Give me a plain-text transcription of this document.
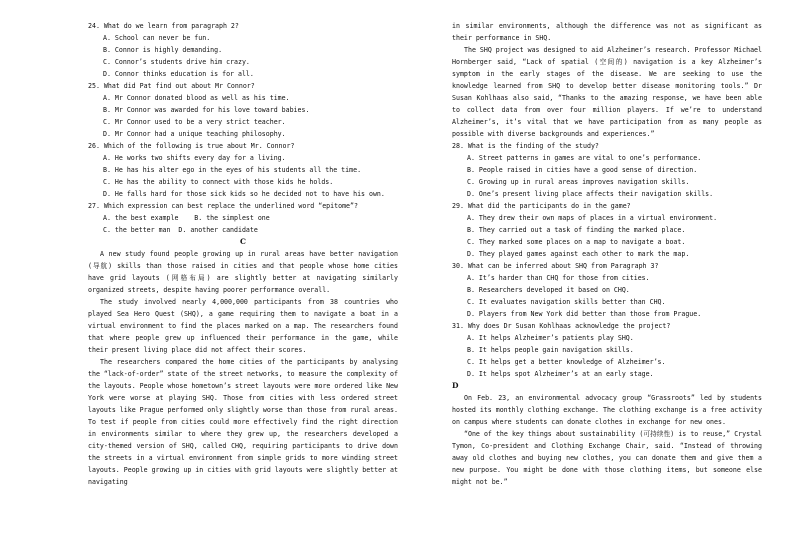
24. What do we learn from paragraph 2?

A. School can never be fun.

B. Connor is highly demanding.

C. Connor’s students drive him crazy.

D. Connor thinks education is for all.

25. What did Pat find out about Mr Connor?

A. Mr Connor donated blood as well as his time.

B. Mr Connor was awarded for his love toward babies.

C. Mr Connor used to be a very strict teacher.

D. Mr Connor had a unique teaching philosophy.

26. Which of the following is true about Mr. Connor?

A. He works two shifts every day for a living.

B. He has his alter ego in the eyes of his students all the time.

C. He has the ability to connect with those kids he holds.

D. He falls hard for those sick kids so he decided not to have his own.

27. Which expression can best replace the underlined word “epitome”?

A. the best example    B. the simplest one

C. the better man  D. another candidate

C

A new study found people growing up in rural areas have better navigation (导航) skills than those raised in cities and that people whose home cities have grid layouts (网格布局) are slightly better at navigating similarly organized streets, despite having poorer performance overall.

The study involved nearly 4,000,000 participants from 38 countries who played Sea Hero Quest (SHQ), a game requiring them to navigate a boat in a virtual environment to find the places marked on a map. The researchers found that where people grew up influenced their performance in the game, while their present living place did not affect their scores.

The researchers compared the home cities of the participants by analysing the “lack-of-order” state of the street networks, to measure the complexity of the layouts. People whose hometown’s street layouts were more ordered like New York were worse at playing SHQ. Those from cities with less ordered street layouts like Prague performed only slightly worse than those from rural areas. To test if people from cities could more effectively find the right direction in environments similar to where they grew up, the researchers developed a city-themed version of SHQ, called CHQ, requiring participants to drive down the streets in a virtual environment from simple grids to more winding street layouts. People growing up in cities with grid layouts were slightly better at navigating

in similar environments, although the difference was not as significant as their performance in SHQ.

The SHQ project was designed to aid Alzheimer’s research. Professor Michael Hornberger said, “Lack of spatial (空间的) navigation is a key Alzheimer’s symptom in the early stages of the disease. We are seeking to use the knowledge learned from SHQ to develop better disease monitoring tools.” Dr Susan Kohlhaas also said, “Thanks to the amazing response, we have been able to collect data from over four million players. If we’re to understand Alzheimer’s, it’s vital that we have participation from as many people as possible with diverse backgrounds and experiences.”

28. What is the finding of the study?

A. Street patterns in games are vital to one’s performance.

B. People raised in cities have a good sense of direction.

C. Growing up in rural areas improves navigation skills.

D. One’s present living place affects their navigation skills.

29. What did the participants do in the game?

A. They drew their own maps of places in a virtual environment.

B. They carried out a task of finding the marked place.

C. They marked some places on a map to navigate a boat.

D. They played games against each other to mark the map.

30. What can be inferred about SHQ from Paragraph 3?

A. It’s harder than CHQ for those from cities.

B. Researchers developed it based on CHQ.

C. It evaluates navigation skills better than CHQ.

D. Players from New York did better than those from Prague.

31. Why does Dr Susan Kohlhaas acknowledge the project?

A. It helps Alzheimer’s patients play SHQ.

B. It helps people gain navigation skills.

C. It helps get a better knowledge of Alzheimer’s.

D. It helps spot Alzheimer’s at an early stage.

D

On Feb. 23, an environmental advocacy group “Grassroots” led by students hosted its monthly clothing exchange. The clothing exchange is a free activity on campus where students can donate clothes in exchange for new ones.

“One of the key things about sustainability (可持续性) is to reuse,” Crystal Tymon, Co-president and Clothing Exchange Chair, said. “Instead of throwing away old clothes and buying new clothes, you can donate them and give them a new purpose. You might be done with those clothing items, but someone else might not be.”
